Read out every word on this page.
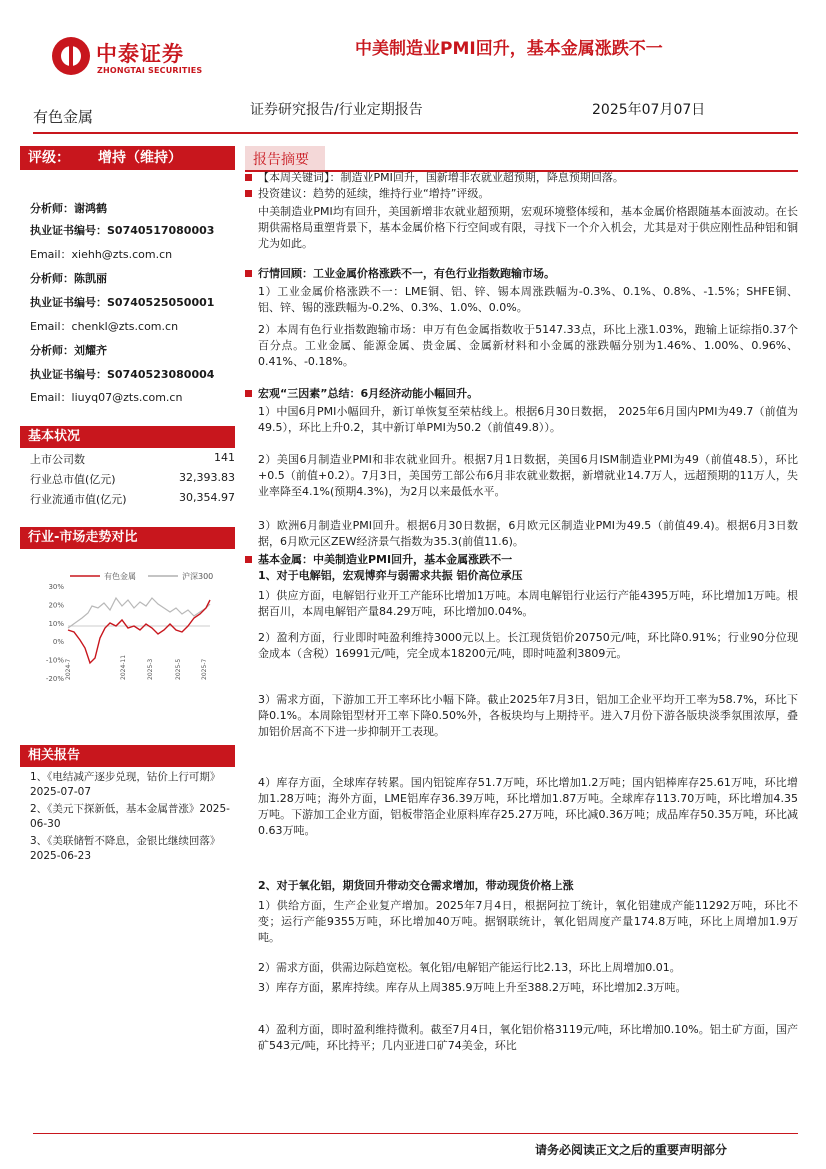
中泰证券
ZHONGTAI SECURITIES
中美制造业PMI回升，基本金属涨跌不一
有色金属	证券研究报告/行业定期报告	2025年07月07日
评级： 增持（维持）
分析师：谢鸿鹤
执业证书编号：S0740517080003
Email：xiehh@zts.com.cn
分析师：陈凯丽
执业证书编号：S0740525050001
Email：chenkl@zts.com.cn
分析师：刘耀齐
执业证书编号：S0740523080004
Email：liuyq07@zts.com.cn
基本状况
上市公司数	141
行业总市值(亿元)	32,393.83
行业流通市值(亿元)	30,354.97
行业-市场走势对比
有色金属	沪深300
30%
20%
10%
0%
-10%
-20% 2024-7	2024-11	2025-3	2025-5	2025-7
相关报告
1、《电结减产逐步兑现，钴价上行可期》2025-07-07
2、《美元下探新低，基本金属普涨》2025-06-30
3、《美联储暂不降息，金银比继续回落》2025-06-23
报告摘要
【本周关键词】：制造业PMI回升，国新增非农就业超预期，降息预期回落。
投资建议：趋势的延续，维持行业“增持”评级。
中美制造业PMI均有回升，美国新增非农就业超预期，宏观环境整体绥和，基本金属价格跟随基本面波动。在长期供需格局重塑背景下，基本金属价格下行空间或有限，寻找下一个介入机会，尤其是对于供应刚性品种铝和铜尤为如此。
行情回顾：工业金属价格涨跌不一，有色行业指数跑输市场。
1）工业金属价格涨跌不一：LME铜、铝、锌、锡本周涨跌幅为-0.3%、0.1%、0.8%、-1.5%；SHFE铜、铝、锌、锡的涨跌幅为-0.2%、0.3%、1.0%、0.0%。
2）本周有色行业指数跑输市场：申万有色金属指数收于5147.33点，环比上涨1.03%，跑输上证综指0.37个百分点。工业金属、能源金属、贵金属、金属新材料和小金属的涨跌幅分别为1.46%、1.00%、0.96%、0.41%、-0.18%。
宏观“三因素”总结：6月经济动能小幅回升。
1）中国6月PMI小幅回升，新订单恢复至荣枯线上。根据6月30日数据， 2025年6月国内PMI为49.7（前值为49.5），环比上升0.2，其中新订单PMI为50.2（前值49.8））。
2）美国6月制造业PMI和非农就业回升。根据7月1日数据，美国6月ISM制造业PMI为49（前值48.5），环比+0.5（前值+0.2）。7月3日，美国劳工部公布6月非农就业数据，新增就业14.7万人，远超预期的11万人，失业率降至4.1%(预期4.3%)，为2月以来最低水平。
3）欧洲6月制造业PMI回升。根据6月30日数据，6月欧元区制造业PMI为49.5（前值49.4)。根据6月3日数据，6月欧元区ZEW经济景气指数为35.3(前值11.6)。
基本金属：中美制造业PMI回升，基本金属涨跌不一
1、对于电解铝，宏观博弈与弱需求共振 铝价高位承压
1）供应方面，电解铝行业开工产能环比增加1万吨。本周电解铝行业运行产能4395万吨，环比增加1万吨。根据百川，本周电解铝产量84.29万吨，环比增加0.04%。
2）盈利方面，行业即时吨盈利维持3000元以上。长江现货铝价20750元/吨，环比降0.91%；行业90分位现金成本（含税）16991元/吨，完全成本18200元/吨，即时吨盈利3809元。
3）需求方面，下游加工开工率环比小幅下降。截止2025年7月3日，铝加工企业平均开工率为58.7%，环比下降0.1%。本周除铝型材开工率下降0.50%外，各板块均与上期持平。进入7月份下游各版块淡季氛围浓厚，叠加铝价居高不下进一步抑制开工表现。
4）库存方面，全球库存转累。国内铝锭库存51.7万吨，环比增加1.2万吨；国内铝棒库存25.61万吨，环比增加1.28万吨；海外方面，LME铝库存36.39万吨，环比增加1.87万吨。全球库存113.70万吨，环比增加4.35万吨。下游加工企业方面，铝板带箔企业原料库存25.27万吨，环比减0.36万吨；成品库存50.35万吨，环比减0.63万吨。
2、对于氧化铝，期货回升带动交仓需求增加，带动现货价格上涨
1）供给方面，生产企业复产增加。2025年7月4日，根据阿拉丁统计，氧化铝建成产能11292万吨，环比不变；运行产能9355万吨，环比增加40万吨。据钢联统计，氧化铝周度产量174.8万吨，环比上周增加1.9万吨。
2）需求方面，供需边际趋宽松。氧化铝/电解铝产能运行比2.13，环比上周增加0.01。
3）库存方面，累库持续。库存从上周385.9万吨上升至388.2万吨，环比增加2.3万吨。
4）盈利方面，即时盈利维持微利。截至7月4日，氧化铝价格3119元/吨，环比增加0.10%。铝土矿方面，国产矿543元/吨，环比持平；几内亚进口矿74美金，环比
请务必阅读正文之后的重要声明部分
